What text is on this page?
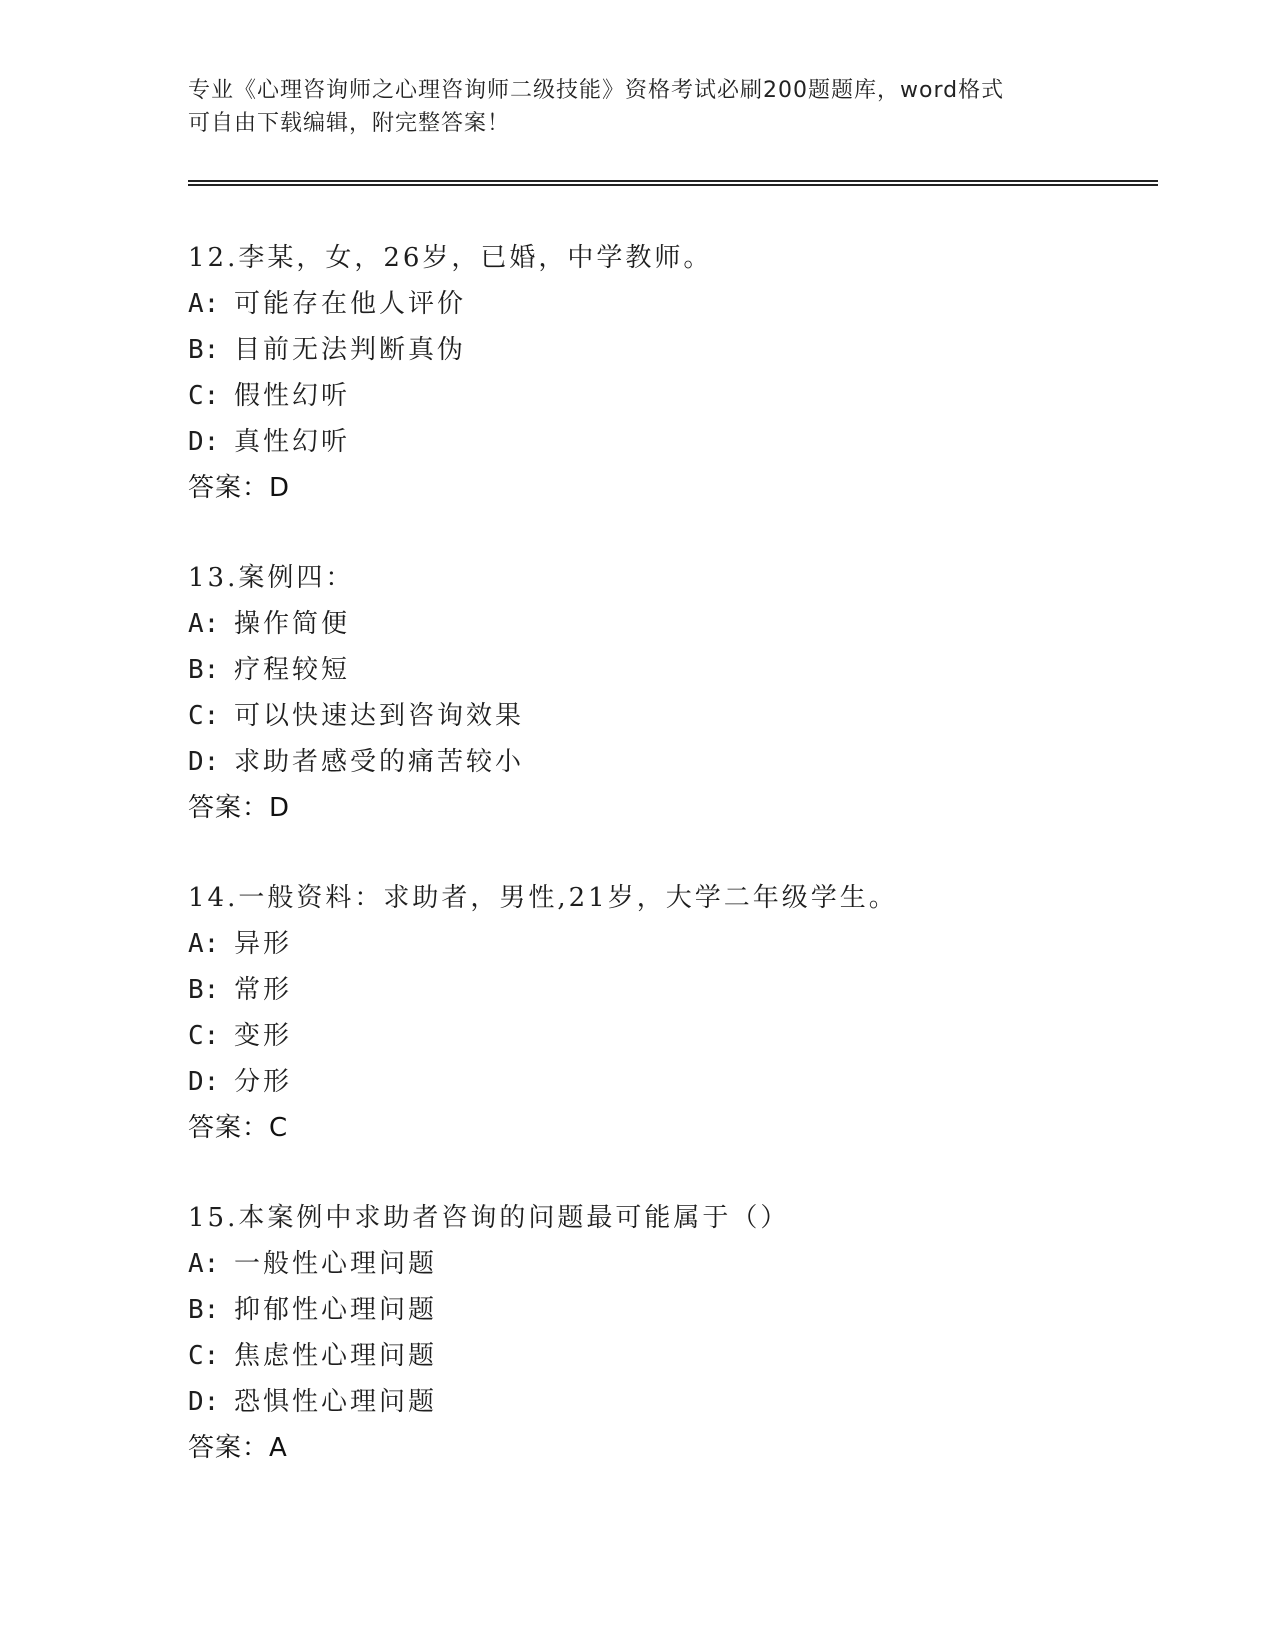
专业《心理咨询师之心理咨询师二级技能》资格考试必刷200题题库，word格式
可自由下载编辑，附完整答案！
12.李某，女，26岁，已婚，中学教师。
A: 可能存在他人评价
B: 目前无法判断真伪
C: 假性幻听
D: 真性幻听
答案：D
13.案例四：
A: 操作简便
B: 疗程较短
C: 可以快速达到咨询效果
D: 求助者感受的痛苦较小
答案：D
14.一般资料：求助者，男性,21岁，大学二年级学生。
A: 异形
B: 常形
C: 变形
D: 分形
答案：C
15.本案例中求助者咨询的问题最可能属于（）
A: 一般性心理问题
B: 抑郁性心理问题
C: 焦虑性心理问题
D: 恐惧性心理问题
答案：A
